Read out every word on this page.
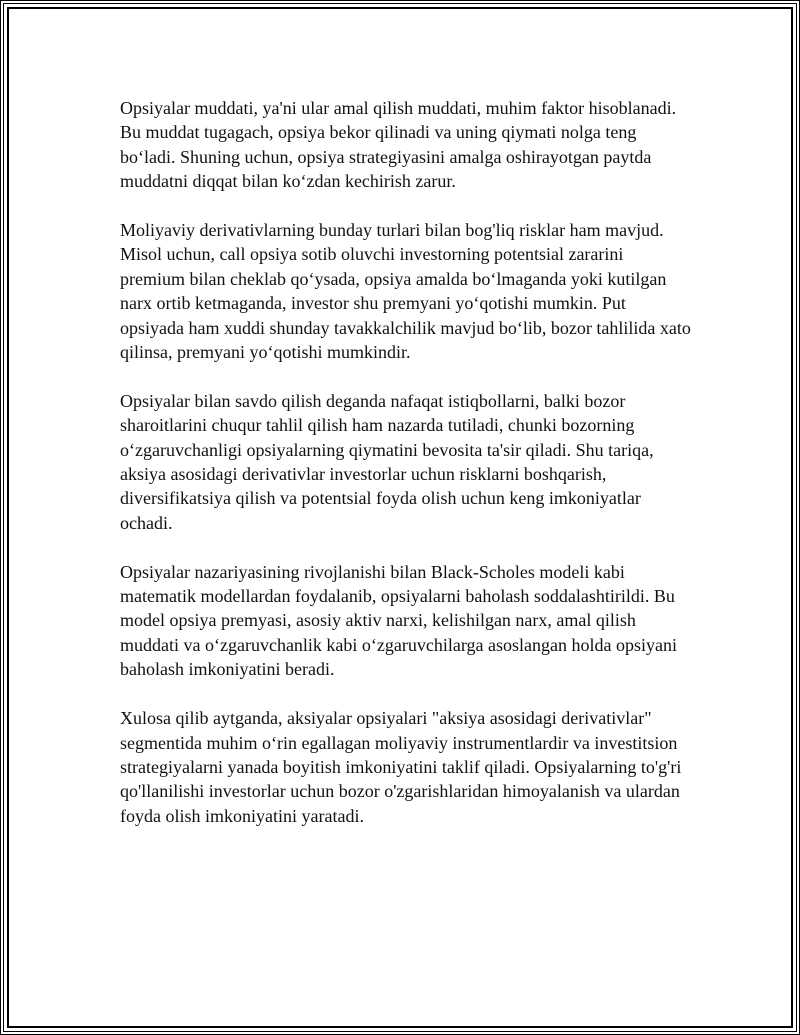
Opsiyalar muddati, ya'ni ular amal qilish muddati, muhim faktor hisoblanadi. Bu muddat tugagach, opsiya bekor qilinadi va uning qiymati nolga teng bo‘ladi. Shuning uchun, opsiya strategiyasini amalga oshirayotgan paytda muddatni diqqat bilan ko‘zdan kechirish zarur.

Moliyaviy derivativlarning bunday turlari bilan bog'liq risklar ham mavjud. Misol uchun, call opsiya sotib oluvchi investorning potentsial zararini premium bilan cheklab qo‘ysada, opsiya amalda bo‘lmaganda yoki kutilgan narx ortib ketmaganda, investor shu premyani yo‘qotishi mumkin. Put opsiyada ham xuddi shunday tavakkalchilik mavjud bo‘lib, bozor tahlilida xato qilinsa, premyani yo‘qotishi mumkindir.

Opsiyalar bilan savdo qilish deganda nafaqat istiqbollarni, balki bozor sharoitlarini chuqur tahlil qilish ham nazarda tutiladi, chunki bozorning o‘zgaruvchanligi opsiyalarning qiymatini bevosita ta'sir qiladi. Shu tariqa, aksiya asosidagi derivativlar investorlar uchun risklarni boshqarish, diversifikatsiya qilish va potentsial foyda olish uchun keng imkoniyatlar ochadi.

Opsiyalar nazariyasining rivojlanishi bilan Black-Scholes modeli kabi matematik modellardan foydalanib, opsiyalarni baholash soddalashtirildi. Bu model opsiya premyasi, asosiy aktiv narxi, kelishilgan narx, amal qilish muddati va o‘zgaruvchanlik kabi o‘zgaruvchilarga asoslangan holda opsiyani baholash imkoniyatini beradi.

Xulosa qilib aytganda, aksiyalar opsiyalari "aksiya asosidagi derivativlar" segmentida muhim o‘rin egallagan moliyaviy instrumentlardir va investitsion strategiyalarni yanada boyitish imkoniyatini taklif qiladi. Opsiyalarning to'g'ri qo'llanilishi investorlar uchun bozor o'zgarishlaridan himoyalanish va ulardan foyda olish imkoniyatini yaratadi.
